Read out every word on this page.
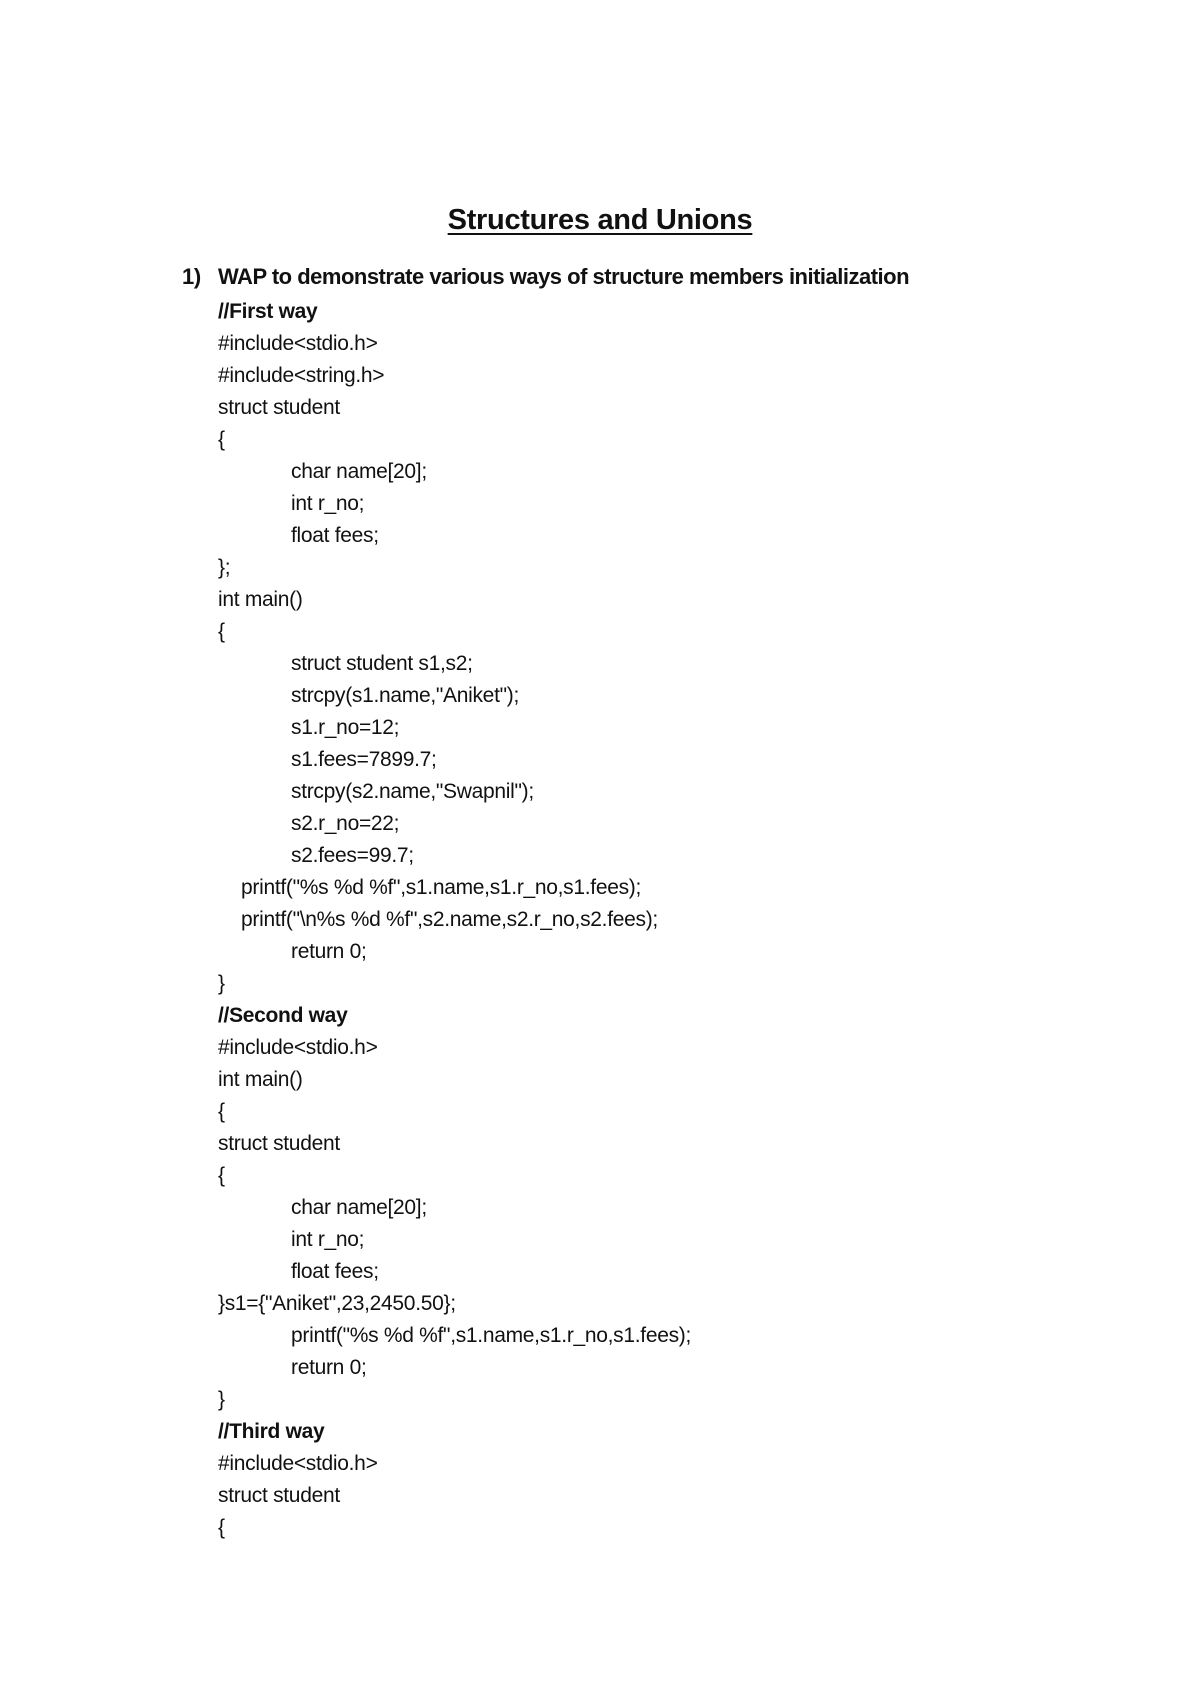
Structures and Unions
1) WAP to demonstrate various ways of structure members initialization
//First way
#include<stdio.h>
#include<string.h>
struct student
{
char name[20];
int r_no;
float fees;
};
int main()
{
struct student s1,s2;
strcpy(s1.name,"Aniket");
s1.r_no=12;
s1.fees=7899.7;
strcpy(s2.name,"Swapnil");
s2.r_no=22;
s2.fees=99.7;
printf("%s %d %f",s1.name,s1.r_no,s1.fees);
printf("\n%s %d %f",s2.name,s2.r_no,s2.fees);
return 0;
}
//Second way
#include<stdio.h>
int main()
{
struct student
{
char name[20];
int r_no;
float fees;
}s1={"Aniket",23,2450.50};
printf("%s %d %f",s1.name,s1.r_no,s1.fees);
return 0;
}
//Third way
#include<stdio.h>
struct student
{
